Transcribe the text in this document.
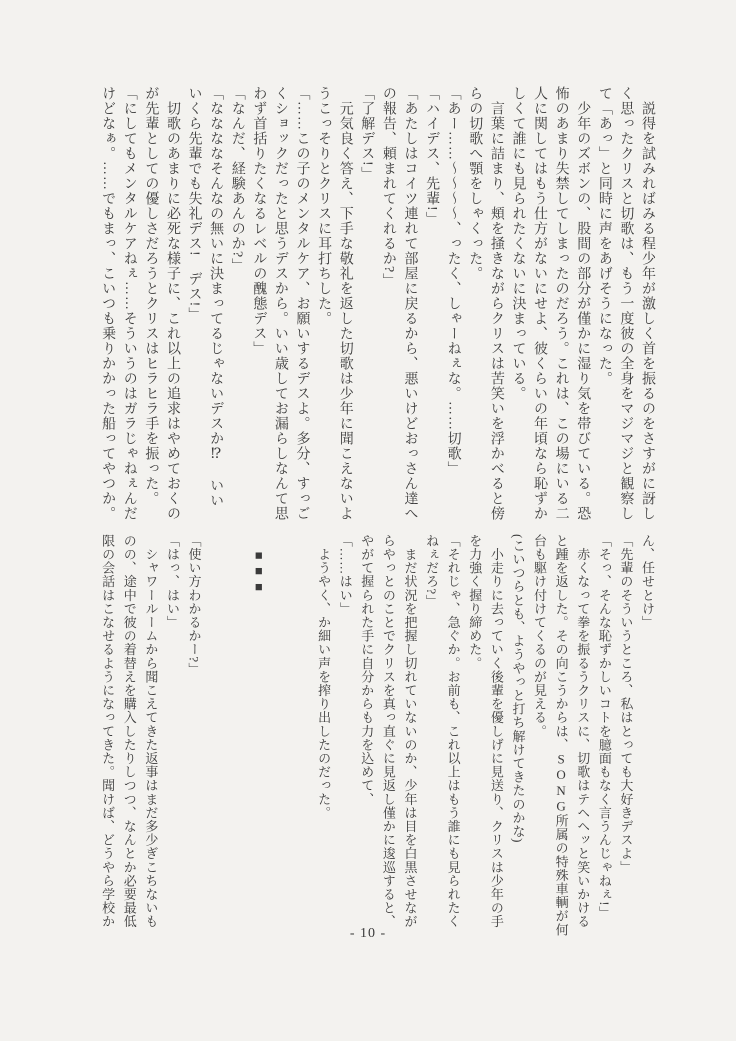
　説得を試みればみる程少年が激しく首を振るのをさすがに訝し
く思ったクリスと切歌は、もう一度彼の全身をマジマジと観察し
て「あっ」と同時に声をあげそうになった。
　少年のズボンの、股間の部分が僅かに湿り気を帯びている。恐
怖のあまり失禁してしまったのだろう。これは、この場にいる二
人に関してはもう仕方がないにせよ、彼くらいの年頃なら恥ずか
しくて誰にも見られたくないに決まっている。
　言葉に詰まり、頬を掻きながらクリスは苦笑いを浮かべると傍
らの切歌へ顎をしゃくった。
「あー……〜〜〜〜、ったく、しゃーねぇな。……切歌」
「ハイデス、先輩!」
「あたしはコイツ連れて部屋に戻るから、悪いけどおっさん達へ
の報告、頼まれてくれるか?」
「了解デス!」
　元気良く答え、下手な敬礼を返した切歌は少年に聞こえないよ
うこっそりとクリスに耳打ちした。
「……この子のメンタルケア、お願いするデスよ。多分、すっご
くショックだったと思うデスから。いい歳してお漏らしなんて思
わず首括りたくなるレベルの醜態デス」
「なんだ、経験あんのか?」
「ななななそんなの無いに決まってるじゃないデスか⁉　いい
いくら先輩でも失礼デス!　デス!」
　切歌のあまりに必死な様子に、これ以上の追求はやめておくの
が先輩としての優しさだろうとクリスはヒラヒラ手を振った。
「にしてもメンタルケアねぇ……そういうのはガラじゃねぇんだ
けどなぁ。……でもまっ、こいつも乗りかかった船ってやつか。
ん、任せとけ」
「先輩のそういうところ、私はとっても大好きデスよ」
「そっ、そんな恥ずかしいコトを臆面もなく言うんじゃねぇ!」
　赤くなって拳を振るうクリスに、切歌はテヘヘッと笑いかける
と踵を返した。その向こうからは、SONG所属の特殊車輌が何
台も駆け付けてくるのが見える。
(こいつらとも、ようやっと打ち解けてきたのかな)
　小走りに去っていく後輩を優しげに見送り、クリスは少年の手
を力強く握り締めた。
「それじゃ、急ぐか。お前も、これ以上はもう誰にも見られたく
ねぇだろ?」
　まだ状況を把握し切れていないのか、少年は目を白黒させなが
らやっとのことでクリスを真っ直ぐに見返し僅かに逡巡すると、
やがて握られた手に自分からも力を込めて、
「……はい」
　ようやく、か細い声を搾り出したのだった。

　■■■

「使い方わかるかー?」
「はっ、はい」
　シャワールームから聞こえてきた返事はまだ多少ぎこちないも
のの、途中で彼の着替えを購入したりしつつ、なんとか必要最低
限の会話はこなせるようになってきた。聞けば、どうやら学校か
- 10 -
